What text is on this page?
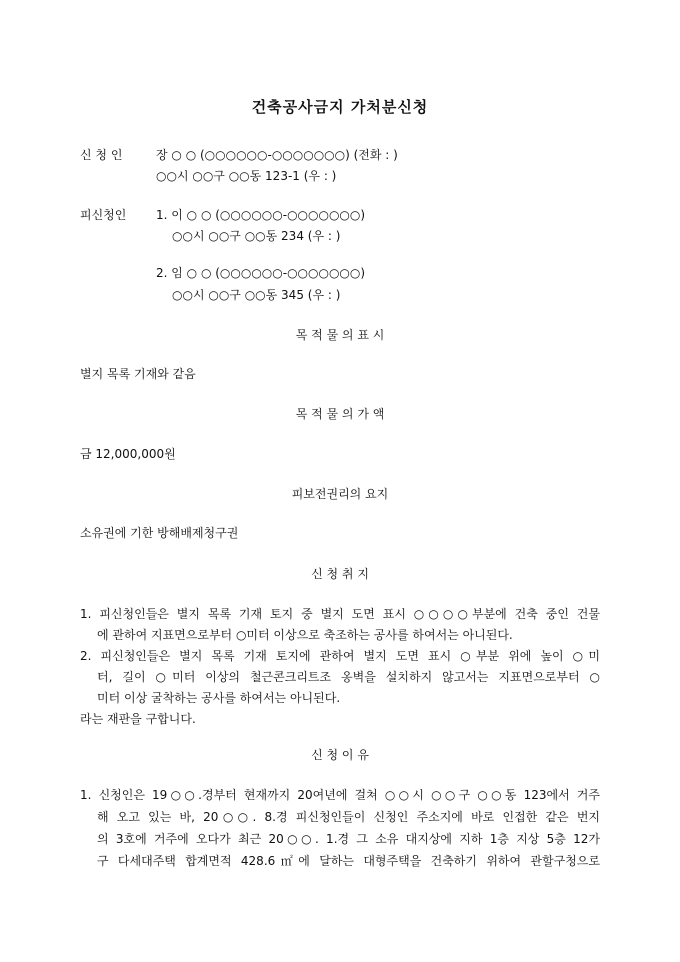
건축공사금지 가처분신청
신 청 인	장 ○ ○ (○○○○○○-○○○○○○○) (전화 : )
○○시 ○○구 ○○동 123-1 (우 : )
피신청인 1. 이 ○ ○ (○○○○○○-○○○○○○○)
○○시 ○○구 ○○동 234 (우 : )
2. 임 ○ ○ (○○○○○○-○○○○○○○)
○○시 ○○구 ○○동 345 (우 : )
목 적 물 의 표 시
별지 목록 기재와 같음
목 적 물 의 가 액
금 12,000,000원
피보전권리의 요지
소유권에 기한 방해배제청구권
신 청 취 지
1. 피신청인들은 별지 목록 기재 토지 중 별지 도면 표시 ○○○○부분에 건축 중인 건물
에 관하여 지표면으로부터 ○미터 이상으로 축조하는 공사를 하여서는 아니된다.
2. 피신청인들은 별지 목록 기재 토지에 관하여 별지 도면 표시 ○부분 위에 높이 ○미
터, 길이 ○미터 이상의 철근콘크리트조 옹벽을 설치하지 않고서는 지표면으로부터 ○
미터 이상 굴착하는 공사를 하여서는 아니된다.
라는 재판을 구합니다.
신 청 이 유
1. 신청인은 19○○.경부터 현재까지 20여년에 걸쳐 ○○시 ○○구 ○○동 123에서 거주
해 오고 있는 바, 20○○. 8.경 피신청인들이 신청인 주소지에 바로 인접한 같은 번지
의 3호에 거주에 오다가 최근 20○○. 1.경 그 소유 대지상에 지하 1층 지상 5층 12가
구 다세대주택 합계면적 428.6㎡에 달하는 대형주택을 건축하기 위하여 관할구청으로
